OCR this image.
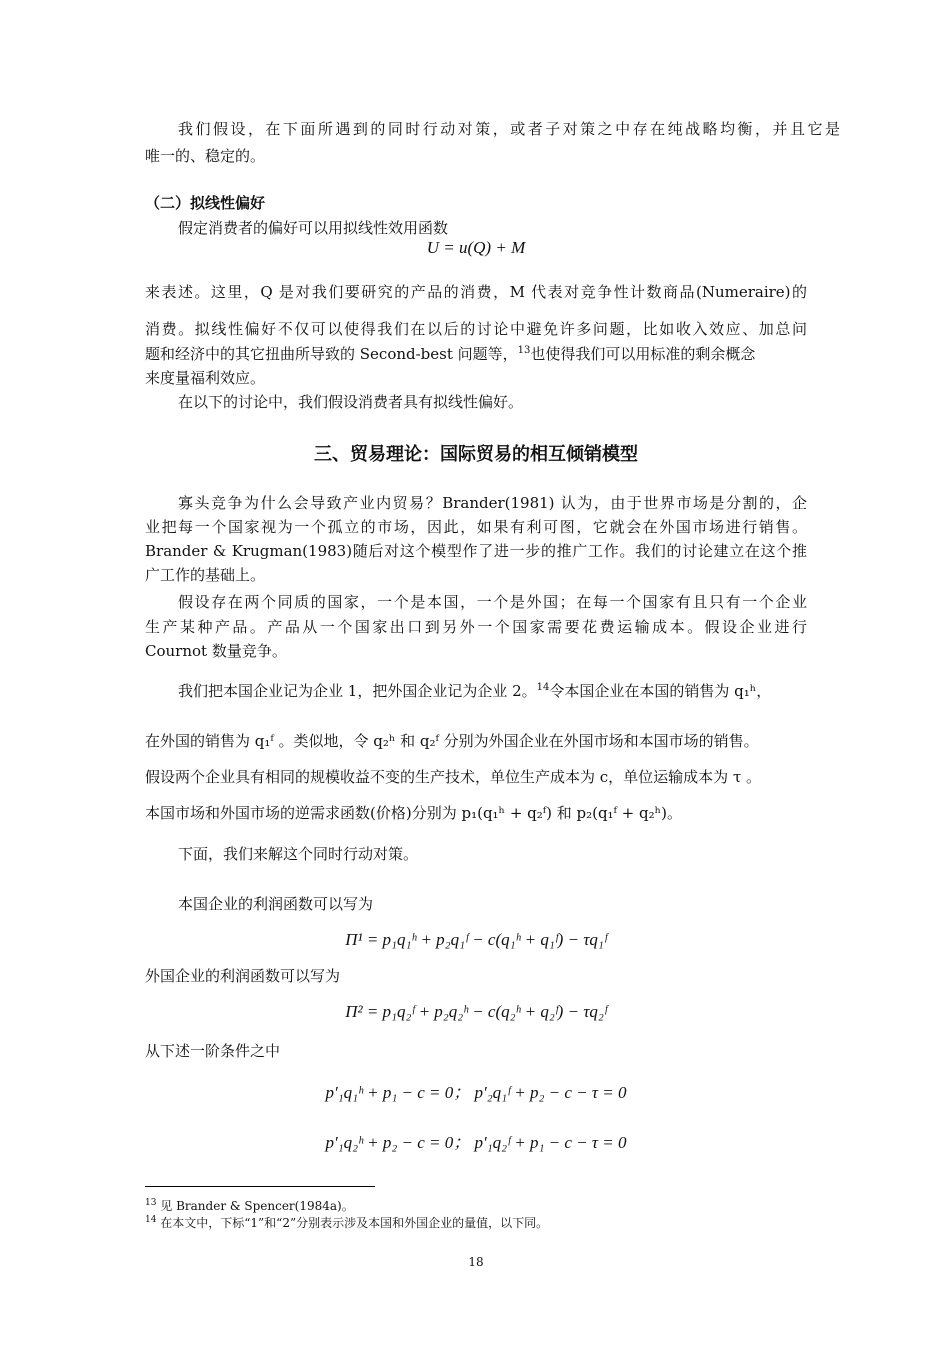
我们假设，在下面所遇到的同时行动对策，或者子对策之中存在纯战略均衡，并且它是
唯一的、稳定的。
（二）拟线性偏好
假定消费者的偏好可以用拟线性效用函数
U = u(Q) + M
来表述。这里，Q 是对我们要研究的产品的消费，M 代表对竞争性计数商品(Numeraire)的
消费。拟线性偏好不仅可以使得我们在以后的讨论中避免许多问题，比如收入效应、加总问
题和经济中的其它扭曲所导致的 Second-best 问题等，$^{13}$也使得我们可以用标准的剩余概念
来度量福利效应。
在以下的讨论中，我们假设消费者具有拟线性偏好。
三、贸易理论：国际贸易的相互倾销模型
寡头竞争为什么会导致产业内贸易？Brander(1981) 认为，由于世界市场是分割的，企
业把每一个国家视为一个孤立的市场，因此，如果有利可图，它就会在外国市场进行销售。
Brander & Krugman(1983)随后对这个模型作了进一步的推广工作。我们的讨论建立在这个推
广工作的基础上。
假设存在两个同质的国家，一个是本国，一个是外国；在每一个国家有且只有一个企业
生产某种产品。产品从一个国家出口到另外一个国家需要花费运输成本。假设企业进行
Cournot 数量竞争。
我们把本国企业记为企业 1，把外国企业记为企业 2。$^{14}$令本国企业在本国的销售为 q₁ʰ，
在外国的销售为 q₁ᶠ 。类似地，令 q₂ʰ 和 q₂ᶠ 分别为外国企业在外国市场和本国市场的销售。
假设两个企业具有相同的规模收益不变的生产技术，单位生产成本为 c，单位运输成本为 τ 。
本国市场和外国市场的逆需求函数(价格)分别为 p₁(q₁ʰ + q₂ᶠ) 和 p₂(q₁ᶠ + q₂ʰ)。
下面，我们来解这个同时行动对策。
本国企业的利润函数可以写为
Π¹ = p₁q₁ʰ + p₂q₁ᶠ − c(q₁ʰ + q₁ᶠ) − τq₁ᶠ
外国企业的利润函数可以写为
Π² = p₁q₂ᶠ + p₂q₂ʰ − c(q₂ʰ + q₂ᶠ) − τq₂ᶠ
从下述一阶条件之中
p′₁q₁ʰ + p₁ − c = 0； p′₂q₁ᶠ + p₂ − c − τ = 0
p′₁q₂ʰ + p₂ − c = 0； p′₁q₂ᶠ + p₁ − c − τ = 0
$^{13}$ 见 Brander & Spencer(1984a)。
$^{14}$ 在本文中，下标“1”和“2”分别表示涉及本国和外国企业的量值，以下同。
18
